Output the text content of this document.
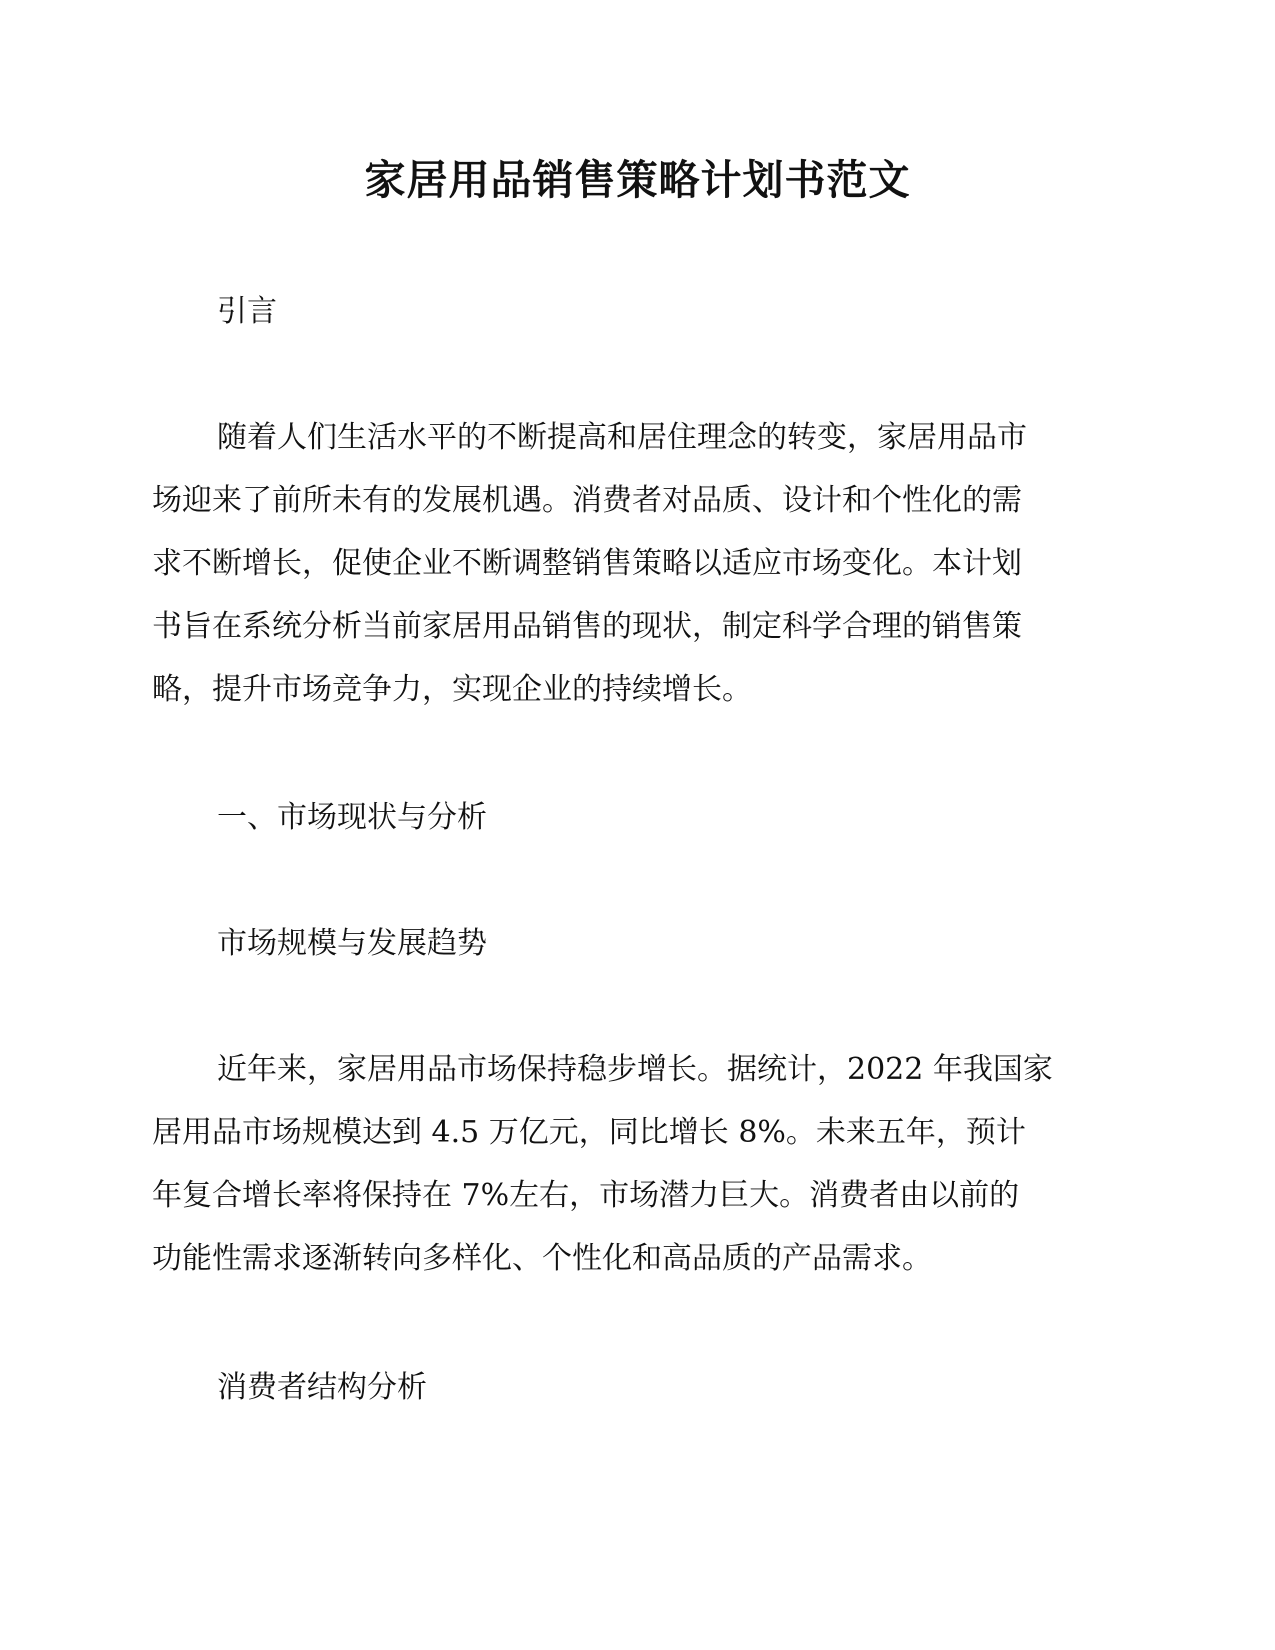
家居用品销售策略计划书范文
引言
随着人们生活水平的不断提高和居住理念的转变，家居用品市
场迎来了前所未有的发展机遇。消费者对品质、设计和个性化的需
求不断增长，促使企业不断调整销售策略以适应市场变化。本计划
书旨在系统分析当前家居用品销售的现状，制定科学合理的销售策
略，提升市场竞争力，实现企业的持续增长。
一、市场现状与分析
市场规模与发展趋势
近年来，家居用品市场保持稳步增长。据统计，2022 年我国家
居用品市场规模达到 4.5 万亿元，同比增长 8%。未来五年，预计
年复合增长率将保持在 7%左右，市场潜力巨大。消费者由以前的
功能性需求逐渐转向多样化、个性化和高品质的产品需求。
消费者结构分析
